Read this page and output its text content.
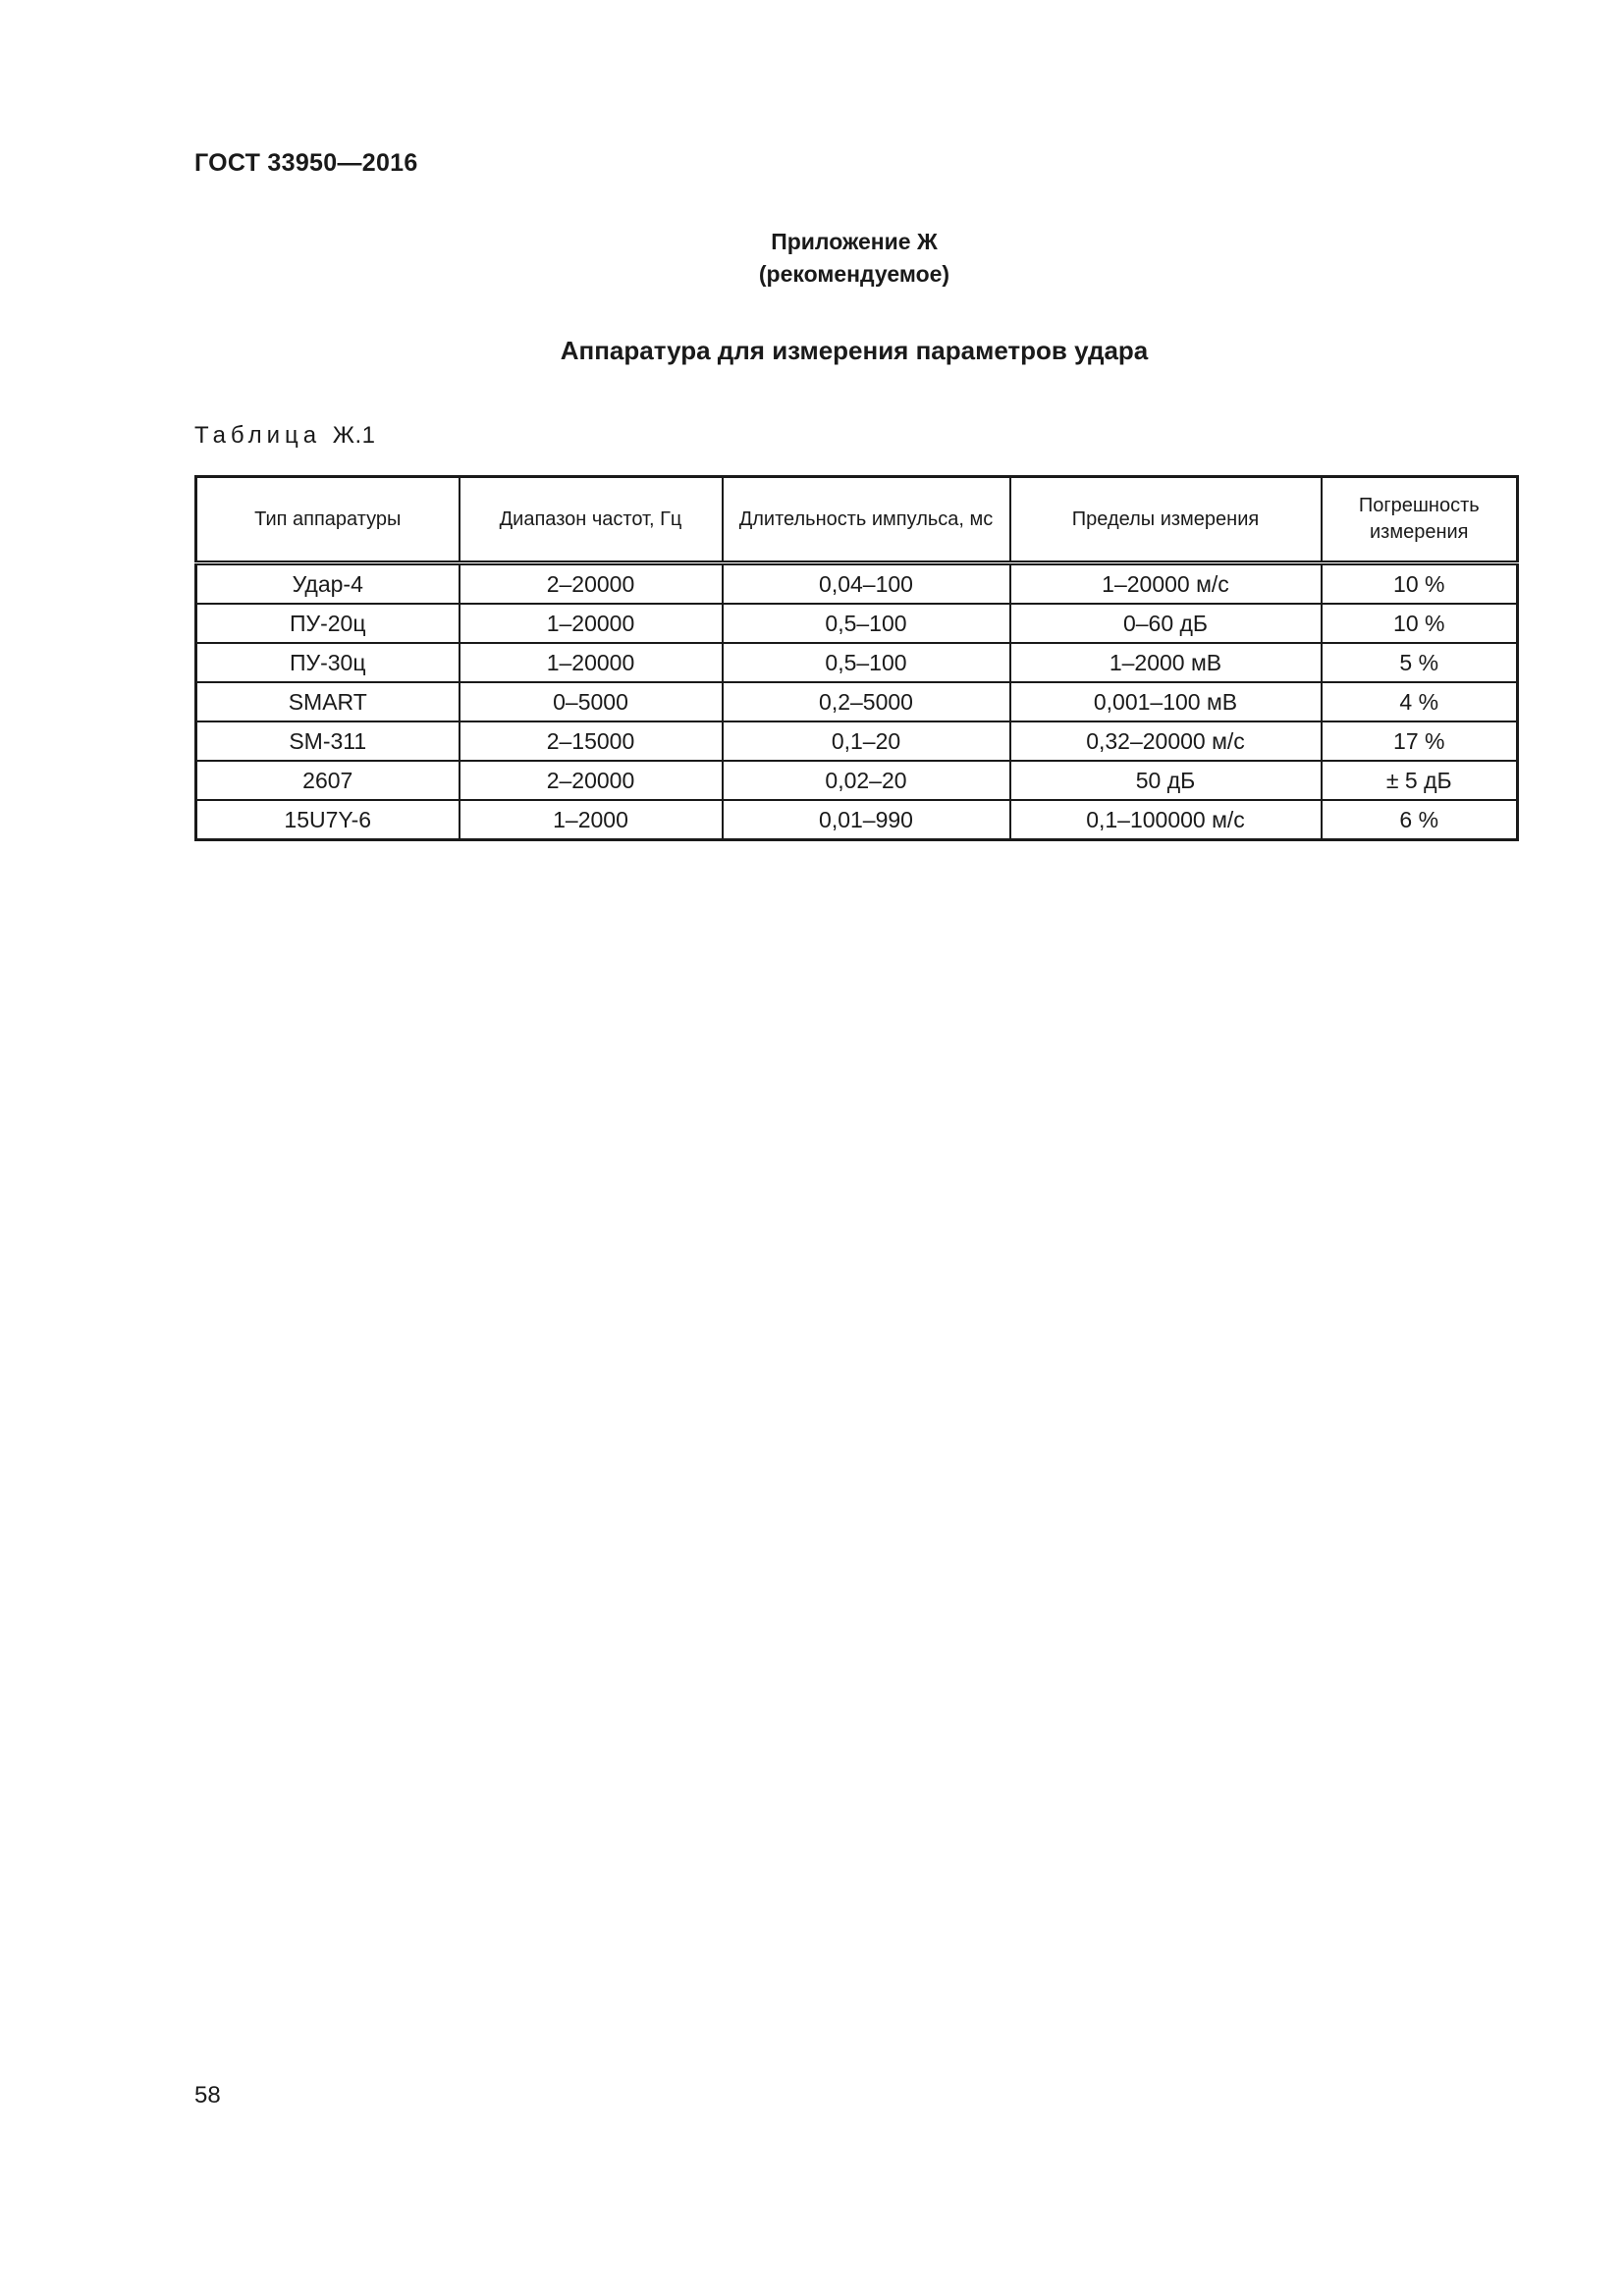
ГОСТ 33950—2016
Приложение Ж
(рекомендуемое)
Аппаратура для измерения параметров удара
Таблица Ж.1
Тип аппаратуры	Диапазон частот, Гц	Длительность импульса, мс	Пределы измерения	Погрешность измерения
Удар-4	2–20000	0,04–100	1–20000 м/с	10 %
ПУ-20ц	1–20000	0,5–100	0–60 дБ	10 %
ПУ-30ц	1–20000	0,5–100	1–2000 мВ	5 %
SMART	0–5000	0,2–5000	0,001–100 мВ	4 %
SM-311	2–15000	0,1–20	0,32–20000 м/с	17 %
2607	2–20000	0,02–20	50 дБ	± 5 дБ
15U7Y-6	1–2000	0,01–990	0,1–100000 м/с	6 %
58
